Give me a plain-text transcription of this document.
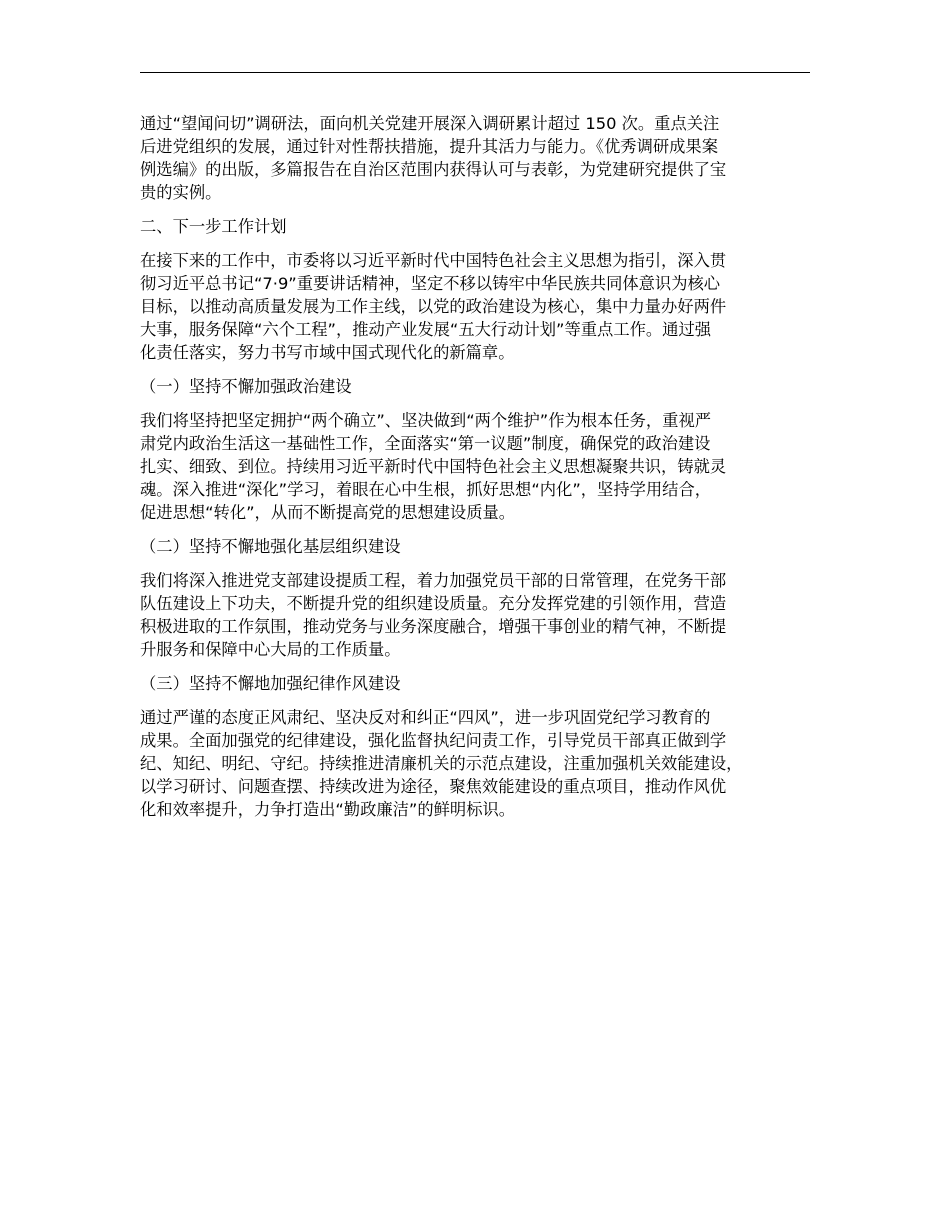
通过“望闻问切”调研法，面向机关党建开展深入调研累计超过 150 次。重点关注
后进党组织的发展，通过针对性帮扶措施，提升其活力与能力。《优秀调研成果案
例选编》的出版，多篇报告在自治区范围内获得认可与表彰，为党建研究提供了宝
贵的实例。
二、下一步工作计划
在接下来的工作中，市委将以习近平新时代中国特色社会主义思想为指引，深入贯
彻习近平总书记“7·9”重要讲话精神，坚定不移以铸牢中华民族共同体意识为核心
目标，以推动高质量发展为工作主线，以党的政治建设为核心，集中力量办好两件
大事，服务保障“六个工程”，推动产业发展“五大行动计划”等重点工作。通过强
化责任落实，努力书写市域中国式现代化的新篇章。
（一）坚持不懈加强政治建设
我们将坚持把坚定拥护“两个确立”、坚决做到“两个维护”作为根本任务，重视严
肃党内政治生活这一基础性工作，全面落实“第一议题”制度，确保党的政治建设
扎实、细致、到位。持续用习近平新时代中国特色社会主义思想凝聚共识，铸就灵
魂。深入推进“深化”学习，着眼在心中生根，抓好思想“内化”，坚持学用结合，
促进思想“转化”，从而不断提高党的思想建设质量。
（二）坚持不懈地强化基层组织建设
我们将深入推进党支部建设提质工程，着力加强党员干部的日常管理，在党务干部
队伍建设上下功夫，不断提升党的组织建设质量。充分发挥党建的引领作用，营造
积极进取的工作氛围，推动党务与业务深度融合，增强干事创业的精气神，不断提
升服务和保障中心大局的工作质量。
（三）坚持不懈地加强纪律作风建设
通过严谨的态度正风肃纪、坚决反对和纠正“四风”，进一步巩固党纪学习教育的
成果。全面加强党的纪律建设，强化监督执纪问责工作，引导党员干部真正做到学
纪、知纪、明纪、守纪。持续推进清廉机关的示范点建设，注重加强机关效能建设，
以学习研讨、问题查摆、持续改进为途径，聚焦效能建设的重点项目，推动作风优
化和效率提升，力争打造出“勤政廉洁”的鲜明标识。
